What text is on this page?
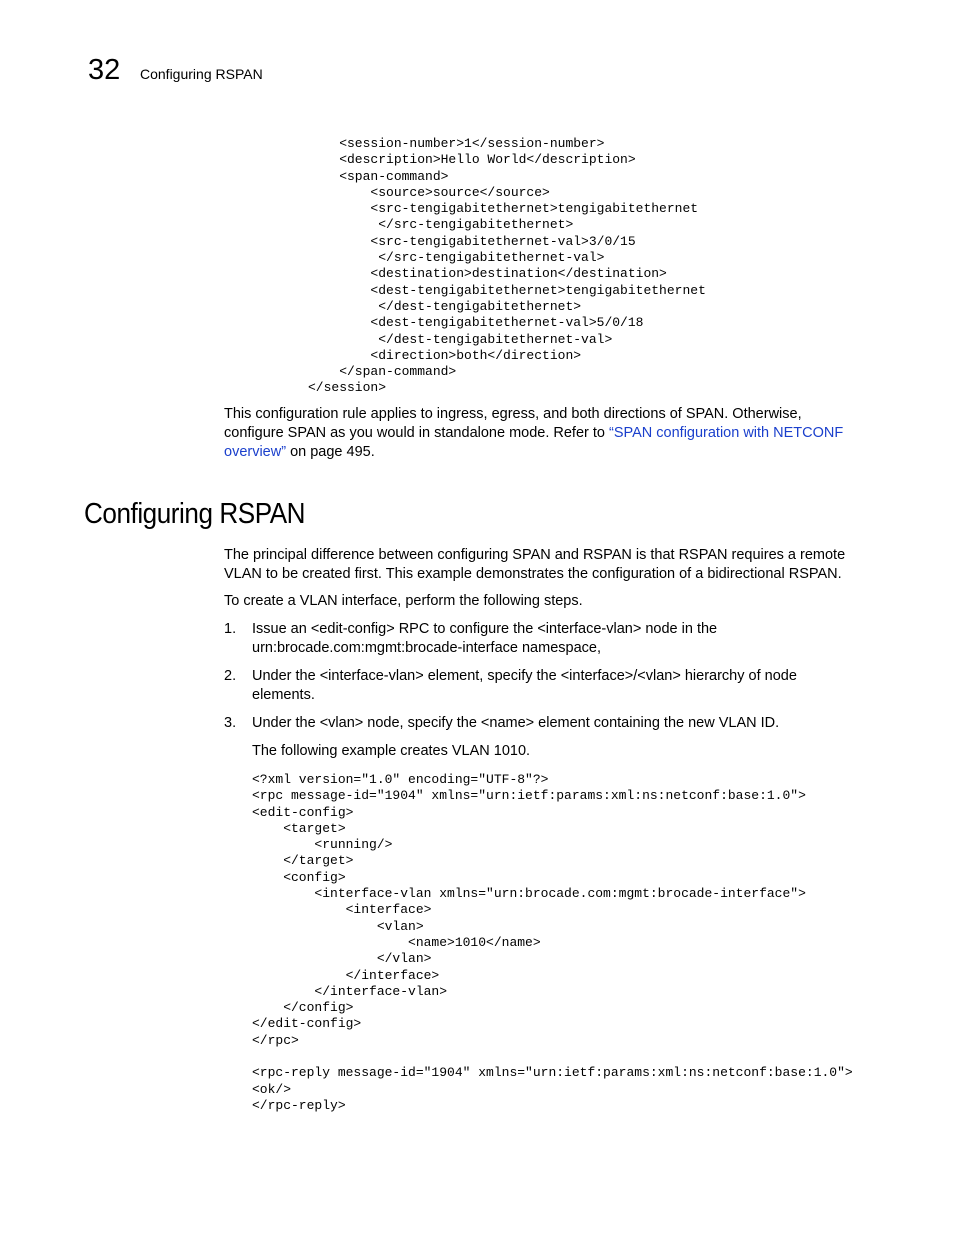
32 Configuring RSPAN
<session-number>1</session-number>
<description>Hello World</description>
<span-command>
<source>source</source>
<src-tengigabitethernet>tengigabitethernet
</src-tengigabitethernet>
<src-tengigabitethernet-val>3/0/15
</src-tengigabitethernet-val>
<destination>destination</destination>
<dest-tengigabitethernet>tengigabitethernet
</dest-tengigabitethernet>
<dest-tengigabitethernet-val>5/0/18
</dest-tengigabitethernet-val>
<direction>both</direction>
</span-command>
</session>

This configuration rule applies to ingress, egress, and both directions of SPAN. Otherwise, configure SPAN as you would in standalone mode. Refer to “SPAN configuration with NETCONF overview” on page 495.

Configuring RSPAN

The principal difference between configuring SPAN and RSPAN is that RSPAN requires a remote VLAN to be created first. This example demonstrates the configuration of a bidirectional RSPAN.

To create a VLAN interface, perform the following steps.

1. Issue an <edit-config> RPC to configure the <interface-vlan> node in the urn:brocade.com:mgmt:brocade-interface namespace,
2. Under the <interface-vlan> element, specify the <interface>/<vlan> hierarchy of node elements.
3. Under the <vlan> node, specify the <name> element containing the new VLAN ID.

The following example creates VLAN 1010.

<?xml version="1.0" encoding="UTF-8"?>
<rpc message-id="1904" xmlns="urn:ietf:params:xml:ns:netconf:base:1.0">
<edit-config>
<target>
<running/>
</target>
<config>
<interface-vlan xmlns="urn:brocade.com:mgmt:brocade-interface">
<interface>
<vlan>
<name>1010</name>
</vlan>
</interface>
</interface-vlan>
</config>
</edit-config>
</rpc>

<rpc-reply message-id="1904" xmlns="urn:ietf:params:xml:ns:netconf:base:1.0">
<ok/>
</rpc-reply>
